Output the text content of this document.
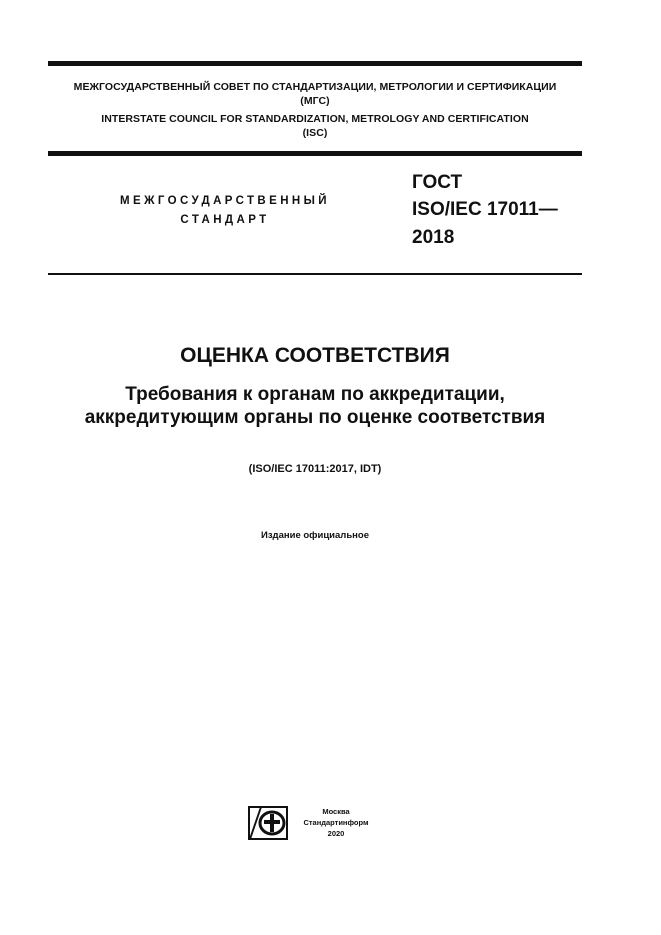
МЕЖГОСУДАРСТВЕННЫЙ СОВЕТ ПО СТАНДАРТИЗАЦИИ, МЕТРОЛОГИИ И СЕРТИФИКАЦИИ
(МГС)
INTERSTATE COUNCIL FOR STANDARDIZATION, METROLOGY AND CERTIFICATION
(ISC)
МЕЖГОСУДАРСТВЕННЫЙ
СТАНДАРТ
ГОСТ
ISO/IEC 17011—
2018
ОЦЕНКА СООТВЕТСТВИЯ
Требования к органам по аккредитации,
аккредитующим органы по оценке соответствия
(ISO/IEC 17011:2017, IDT)
Издание официальное
Москва
Стандартинформ
2020
